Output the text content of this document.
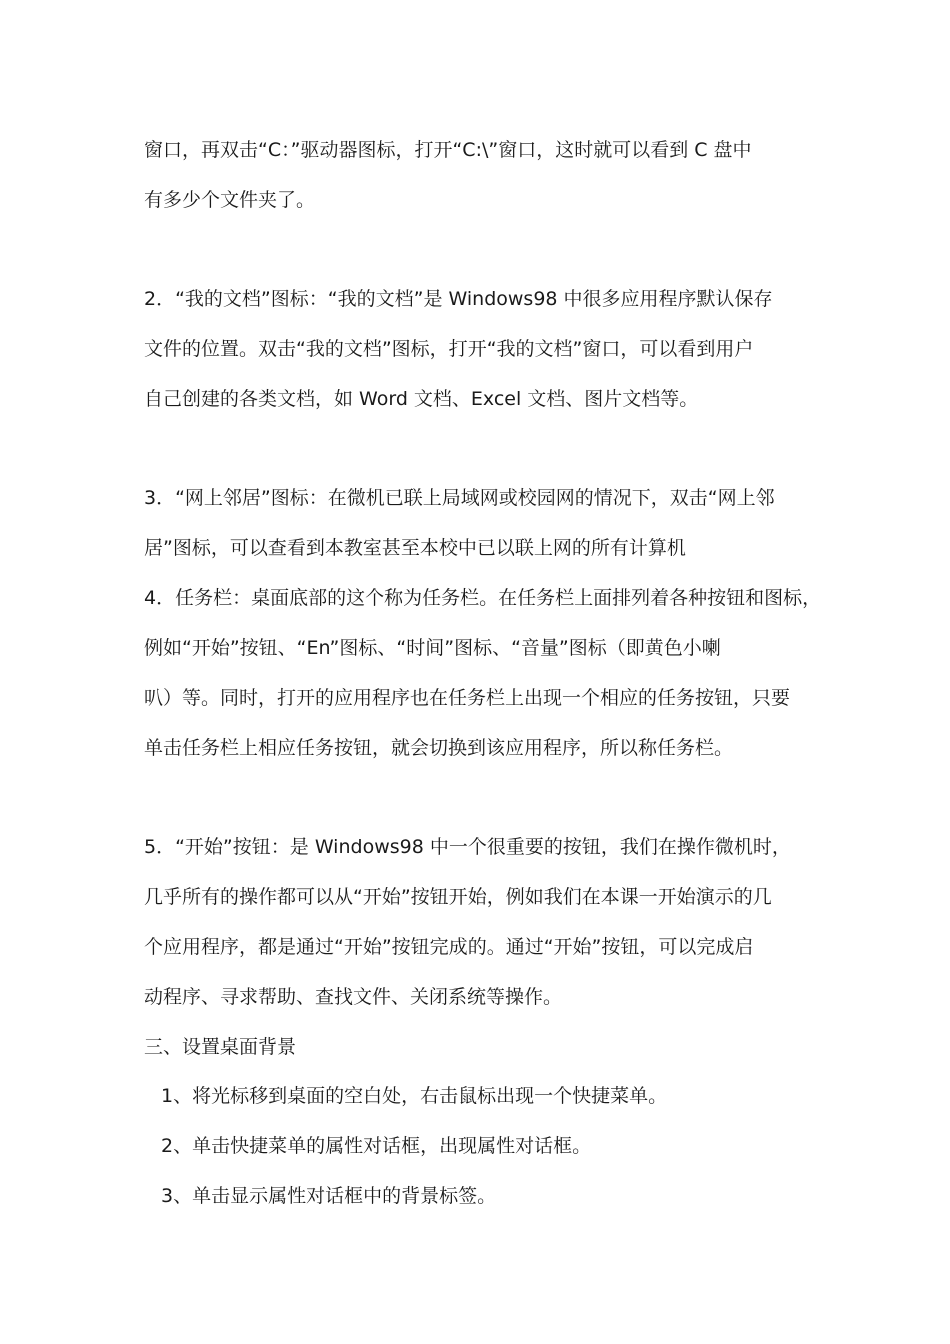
窗口，再双击“C：”驱动器图标，打开“C:\”窗口，这时就可以看到 C 盘中
有多少个文件夹了。
2．“我的文档”图标：“我的文档”是 Windows98 中很多应用程序默认保存
文件的位置。双击“我的文档”图标，打开“我的文档”窗口，可以看到用户
自己创建的各类文档，如 Word 文档、Excel 文档、图片文档等。
3．“网上邻居”图标：在微机已联上局域网或校园网的情况下，双击“网上邻
居”图标，可以查看到本教室甚至本校中已以联上网的所有计算机
4．任务栏：桌面底部的这个称为任务栏。在任务栏上面排列着各种按钮和图标，
例如“开始”按钮、“En”图标、“时间”图标、“音量”图标（即黄色小喇
叭）等。同时，打开的应用程序也在任务栏上出现一个相应的任务按钮，只要
单击任务栏上相应任务按钮，就会切换到该应用程序，所以称任务栏。
5．“开始”按钮：是 Windows98 中一个很重要的按钮，我们在操作微机时，
几乎所有的操作都可以从“开始”按钮开始，例如我们在本课一开始演示的几
个应用程序，都是通过“开始”按钮完成的。通过“开始”按钮，可以完成启
动程序、寻求帮助、查找文件、关闭系统等操作。
三、设置桌面背景
1、将光标移到桌面的空白处，右击鼠标出现一个快捷菜单。
2、单击快捷菜单的属性对话框，出现属性对话框。
3、单击显示属性对话框中的背景标签。
